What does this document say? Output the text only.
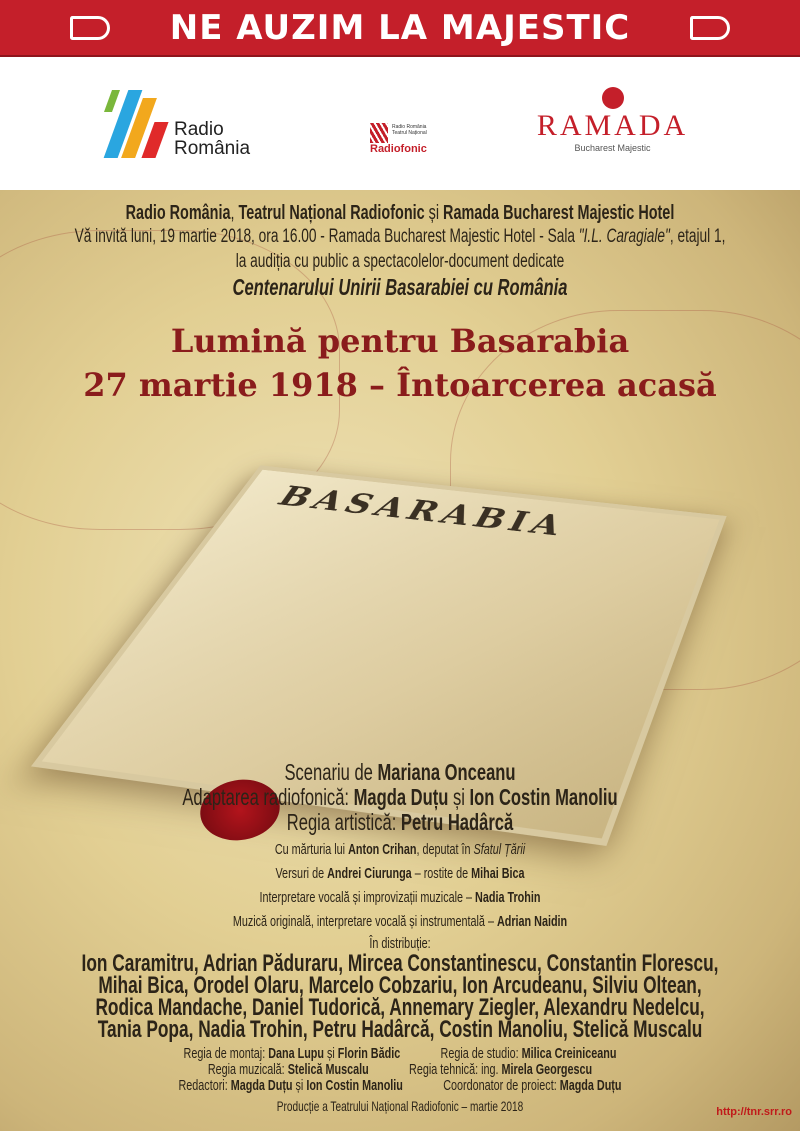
NE AUZIM LA MAJESTIC
Radio
România
Radio România
Teatrul Național
Radiofonic
RAMADA
Bucharest Majestic
BASARABIA
Radio România, Teatrul Național Radiofonic și Ramada Bucharest Majestic Hotel
Vă invită luni, 19 martie 2018, ora 16.00 - Ramada Bucharest Majestic Hotel - Sala "I.L. Caragiale", etajul 1,
la audiția cu public a spectacolelor-document dedicate
Centenarului Unirii Basarabiei cu România
Lumină pentru Basarabia
27 martie 1918 – Întoarcerea acasă
Scenariu de Mariana Onceanu
Adaptarea radiofonică: Magda Duțu și Ion Costin Manoliu
Regia artistică: Petru Hadârcă
Cu mărturia lui Anton Crihan, deputat în Sfatul Țării
Versuri de Andrei Ciurunga – rostite de Mihai Bica
Interpretare vocală și improvizații muzicale – Nadia Trohin
Muzică originală, interpretare vocală și instrumentală – Adrian Naidin
În distribuție:
Ion Caramitru, Adrian Păduraru, Mircea Constantinescu, Constantin Florescu,
Mihai Bica, Orodel Olaru, Marcelo Cobzariu, Ion Arcudeanu, Silviu Oltean,
Rodica Mandache, Daniel Tudorică, Annemary Ziegler, Alexandru Nedelcu,
Tania Popa, Nadia Trohin, Petru Hadârcă, Costin Manoliu, Stelică Muscalu
Regia de montaj: Dana Lupu și Florin Bădic	Regia de studio: Milica Creiniceanu
Regia muzicală: Stelică Muscalu	Regia tehnică: ing. Mirela Georgescu
Redactori: Magda Duțu și Ion Costin Manoliu	Coordonator de proiect: Magda Duțu
Producție a Teatrului Național Radiofonic – martie 2018	http://tnr.srr.ro
